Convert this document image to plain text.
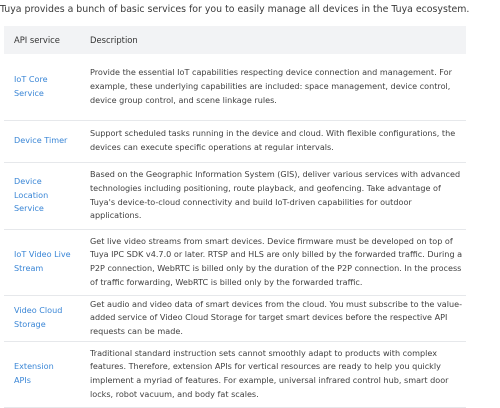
Tuya provides a bunch of basic services for you to easily manage all devices in the Tuya ecosystem.
API service	Description
IoT Core Service	Provide the essential IoT capabilities respecting device connection and management. For example, these underlying capabilities are included: space management, device control, device group control, and scene linkage rules.
Device Timer	Support scheduled tasks running in the device and cloud. With flexible configurations, the devices can execute specific operations at regular intervals.
Device Location Service	Based on the Geographic Information System (GIS), deliver various services with advanced technologies including positioning, route playback, and geofencing. Take advantage of Tuya's device-to-cloud connectivity and build IoT-driven capabilities for outdoor applications.
IoT Video Live Stream	Get live video streams from smart devices. Device firmware must be developed on top of Tuya IPC SDK v4.7.0 or later. RTSP and HLS are only billed by the forwarded traffic. During a P2P connection, WebRTC is billed only by the duration of the P2P connection. In the process of traffic forwarding, WebRTC is billed only by the forwarded traffic.
Video Cloud Storage	Get audio and video data of smart devices from the cloud. You must subscribe to the value-added service of Video Cloud Storage for target smart devices before the respective API requests can be made.
Extension APIs	Traditional standard instruction sets cannot smoothly adapt to products with complex features. Therefore, extension APIs for vertical resources are ready to help you quickly implement a myriad of features. For example, universal infrared control hub, smart door locks, robot vacuum, and body fat scales.
